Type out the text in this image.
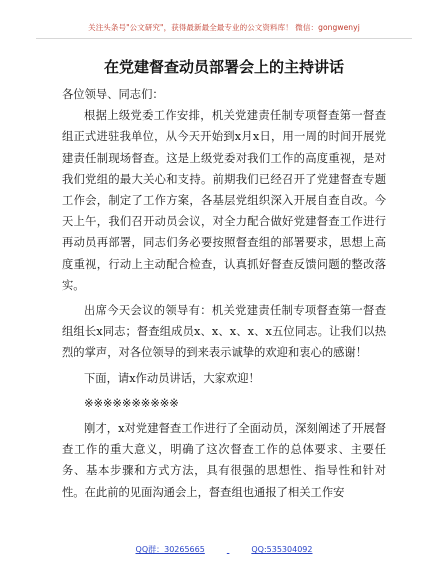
关注头条号"公文研究"，获得最新最全最专业的公文资料库！ 微信：gongwenyj
在党建督查动员部署会上的主持讲话

各位领导、同志们：

根据上级党委工作安排，机关党建责任制专项督查第一督查组正式进驻我单位，从今天开始到x月x日，用一周的时间开展党建责任制现场督查。这是上级党委对我们工作的高度重视，是对我们党组的最大关心和支持。前期我们已经召开了党建督查专题工作会，制定了工作方案，各基层党组织深入开展自查自改。今天上午，我们召开动员会议，对全力配合做好党建督查工作进行再动员再部署，同志们务必要按照督查组的部署要求，思想上高度重视，行动上主动配合检查，认真抓好督查反馈问题的整改落实。

出席今天会议的领导有：机关党建责任制专项督查第一督查组组长x同志；督查组成员x、x、x、x、x五位同志。让我们以热烈的掌声，对各位领导的到来表示诚挚的欢迎和衷心的感谢！

下面，请x作动员讲话，大家欢迎！

※※※※※※※※※※

刚才，x对党建督查工作进行了全面动员，深刻阐述了开展督查工作的重大意义，明确了这次督查工作的总体要求、主要任务、基本步骤和方式方法，具有很强的思想性、指导性和针对性。在此前的见面沟通会上，督查组也通报了相关工作安

QQ群：30265665	QQ:535304092
